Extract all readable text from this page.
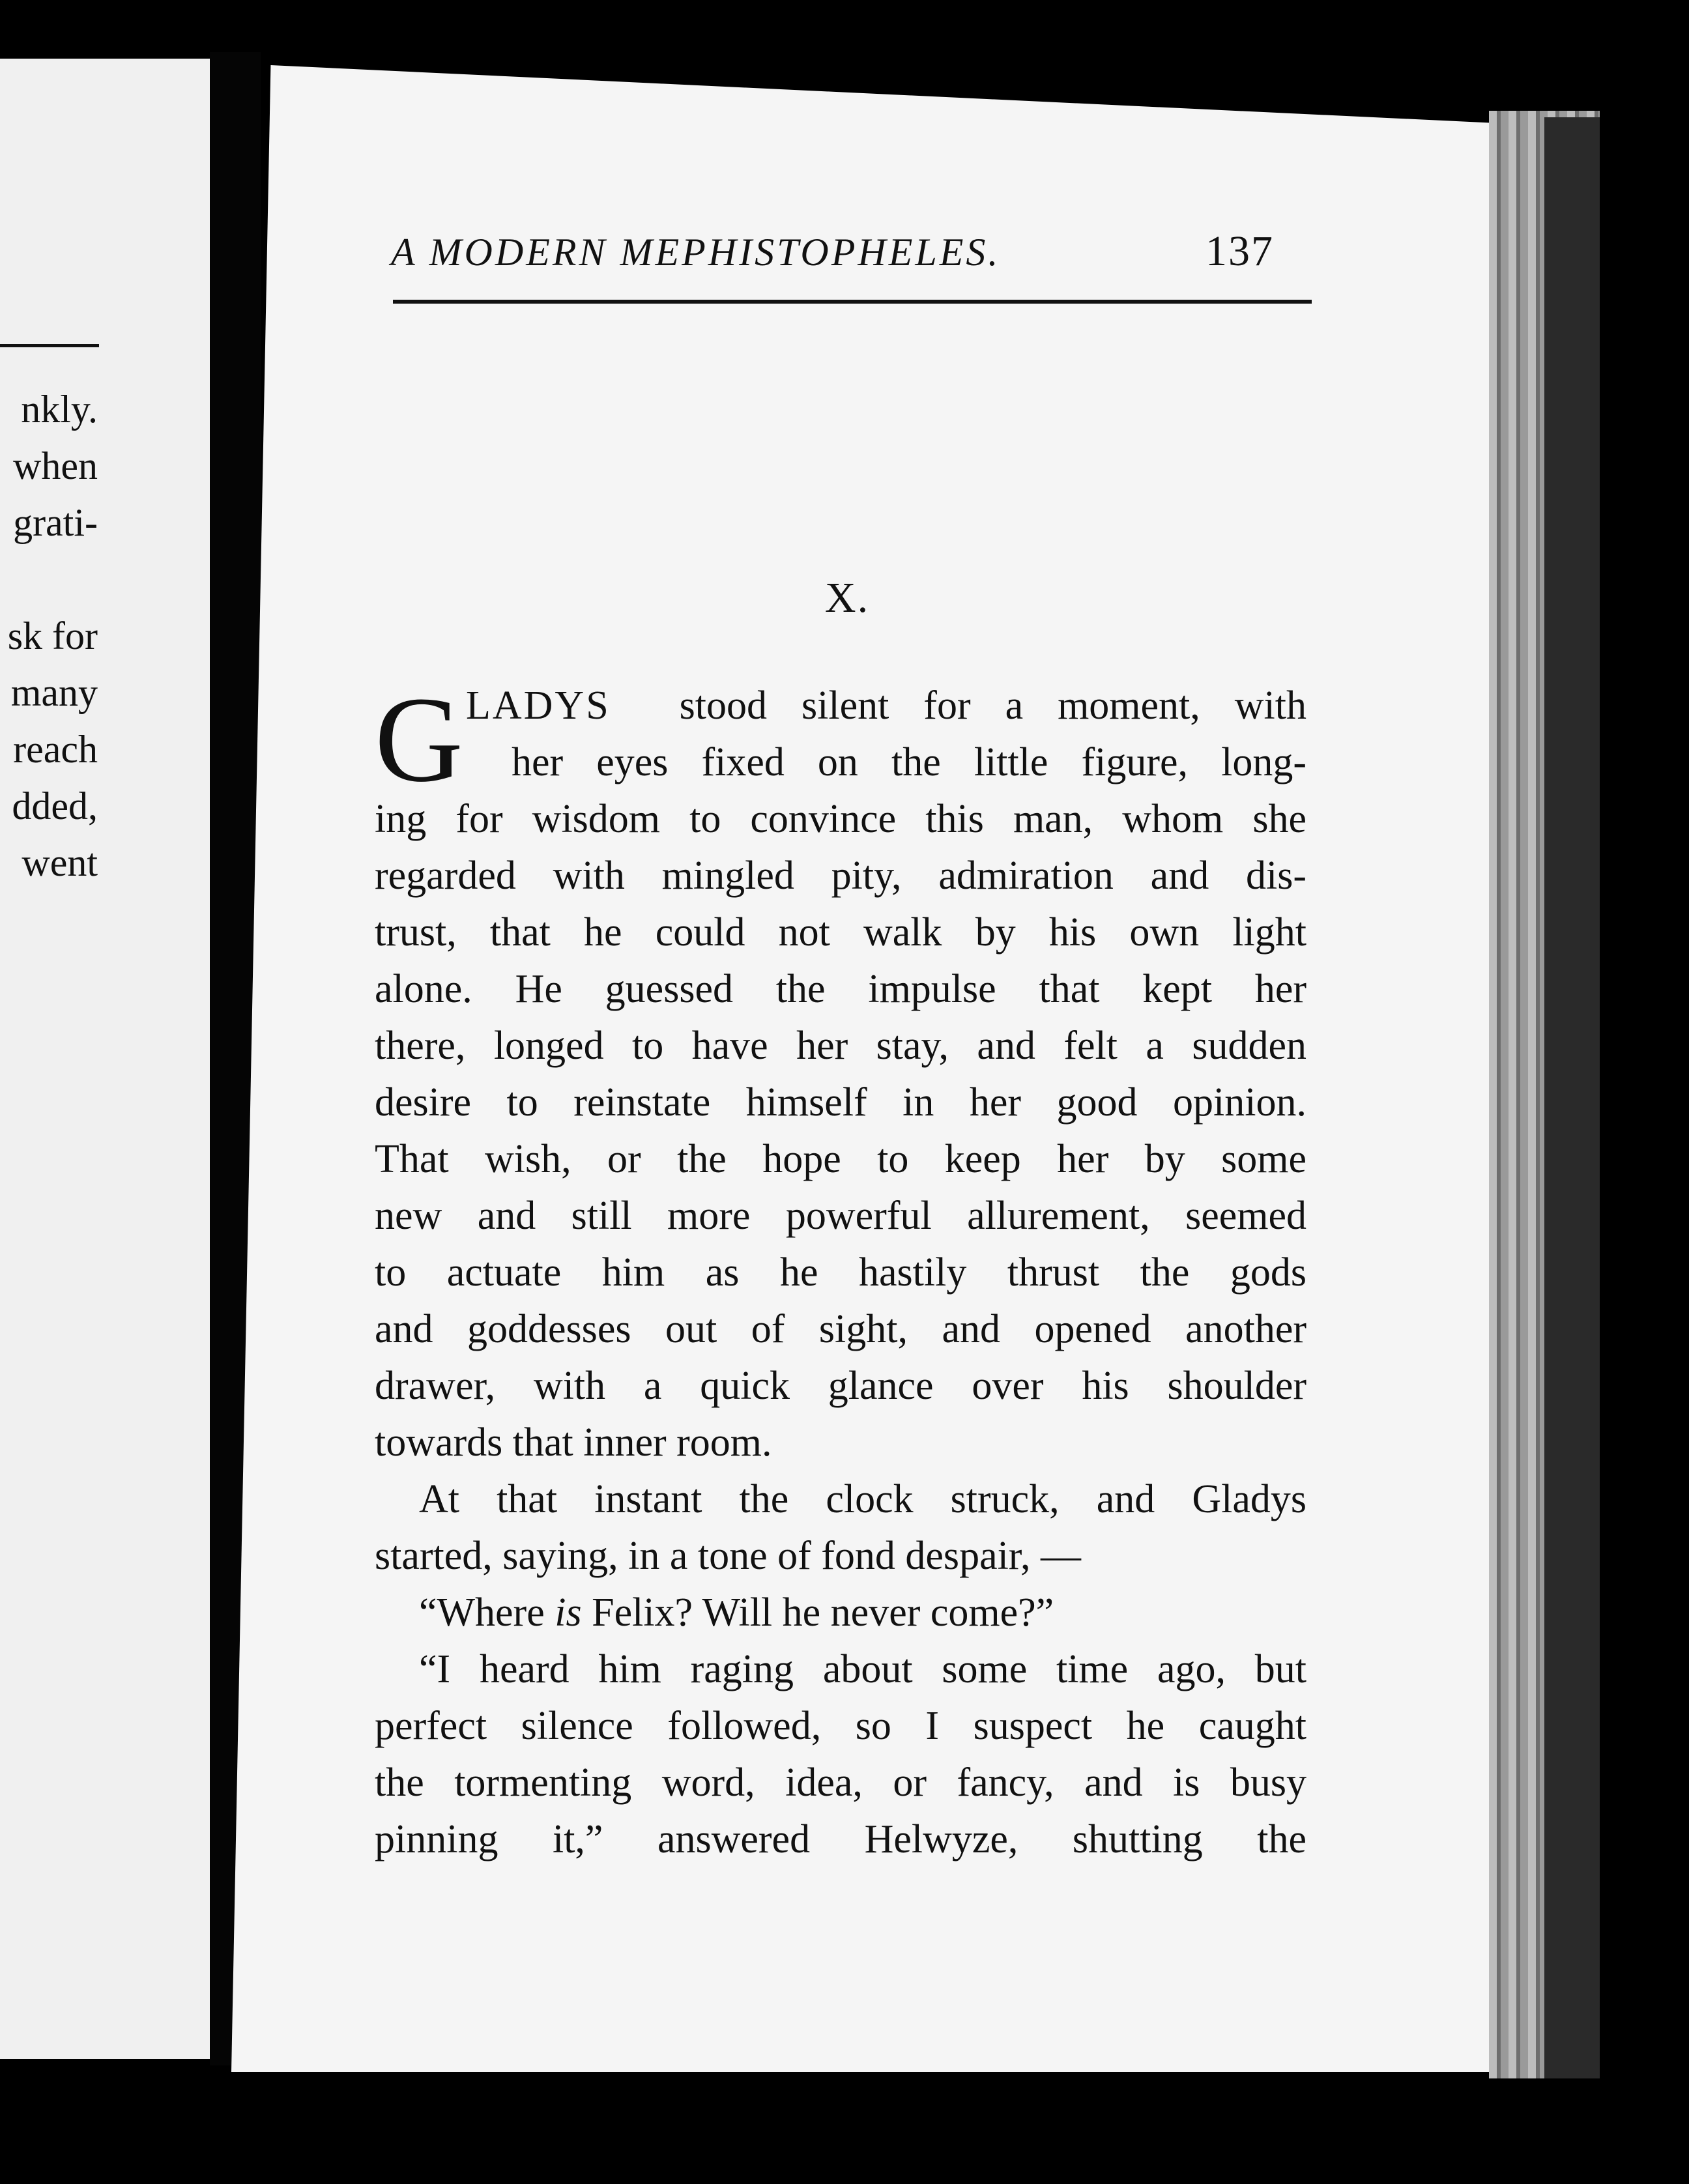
nkly.
when
grati-
sk for
many
reach
dded,
went
A MODERN MEPHISTOPHELES.	137
X.
G LADYS stood silent for a moment, with
her eyes fixed on the little figure, long-
ing for wisdom to convince this man, whom she
regarded with mingled pity, admiration and dis-
trust, that he could not walk by his own light
alone. He guessed the impulse that kept her
there, longed to have her stay, and felt a sudden
desire to reinstate himself in her good opinion.
That wish, or the hope to keep her by some
new and still more powerful allurement, seemed
to actuate him as he hastily thrust the gods
and goddesses out of sight, and opened another
drawer, with a quick glance over his shoulder
towards that inner room.
At that instant the clock struck, and Gladys
started, saying, in a tone of fond despair, —
“Where is Felix? Will he never come?”
“I heard him raging about some time ago, but
perfect silence followed, so I suspect he caught
the tormenting word, idea, or fancy, and is busy
pinning it,” answered Helwyze, shutting the
